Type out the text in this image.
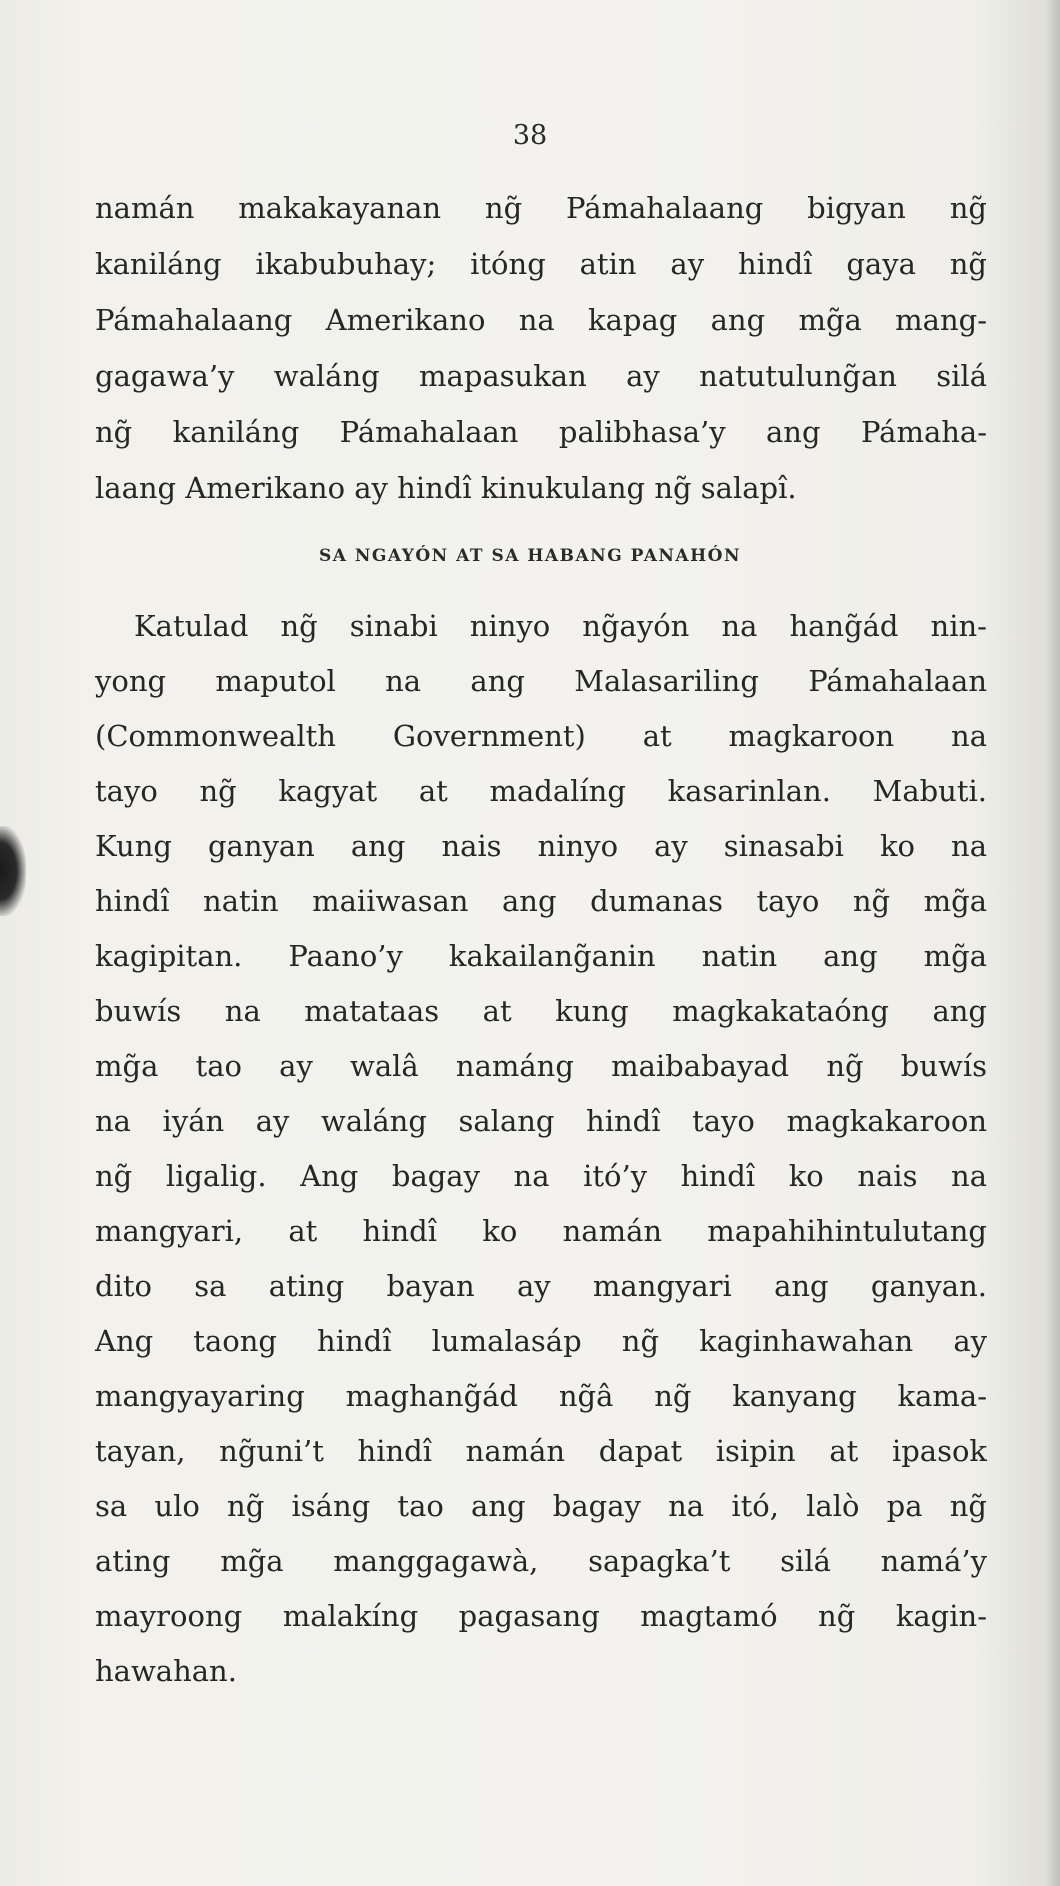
38
namán makakayanan ng̃ Pámahalaang bigyan ng̃
kaniláng ikabubuhay; itóng atin ay hindî gaya ng̃
Pámahalaang Amerikano na kapag ang mg̃a mang-
gagawa’y waláng mapasukan ay natutulung̃an silá
ng̃ kaniláng Pámahalaan palibhasa’y ang Pámaha-
laang Amerikano ay hindî kinukulang ng̃ salapî.
SA NGAYÓN AT SA HABANG PANAHÓN
Katulad ng̃ sinabi ninyo ng̃ayón na hang̃ád nin-
yong maputol na ang Malasariling Pámahalaan
(Commonwealth Government) at magkaroon na
tayo ng̃ kagyat at madalíng kasarinlan. Mabuti.
Kung ganyan ang nais ninyo ay sinasabi ko na
hindî natin maiiwasan ang dumanas tayo ng̃ mg̃a
kagipitan. Paano’y kakailang̃anin natin ang mg̃a
buwís na matataas at kung magkakataóng ang
mg̃a tao ay walâ namáng maibabayad ng̃ buwís
na iyán ay waláng salang hindî tayo magkakaroon
ng̃ ligalig. Ang bagay na itó’y hindî ko nais na
mangyari, at hindî ko namán mapahihintulutang
dito sa ating bayan ay mangyari ang ganyan.
Ang taong hindî lumalasáp ng̃ kaginhawahan ay
mangyayaring maghang̃ád ng̃â ng̃ kanyang kama-
tayan, ng̃uni’t hindî namán dapat isipin at ipasok
sa ulo ng̃ isáng tao ang bagay na itó, lalò pa ng̃
ating mg̃a manggagawà, sapagka’t silá namá’y
mayroong malakíng pagasang magtamó ng̃ kagin-
hawahan.
